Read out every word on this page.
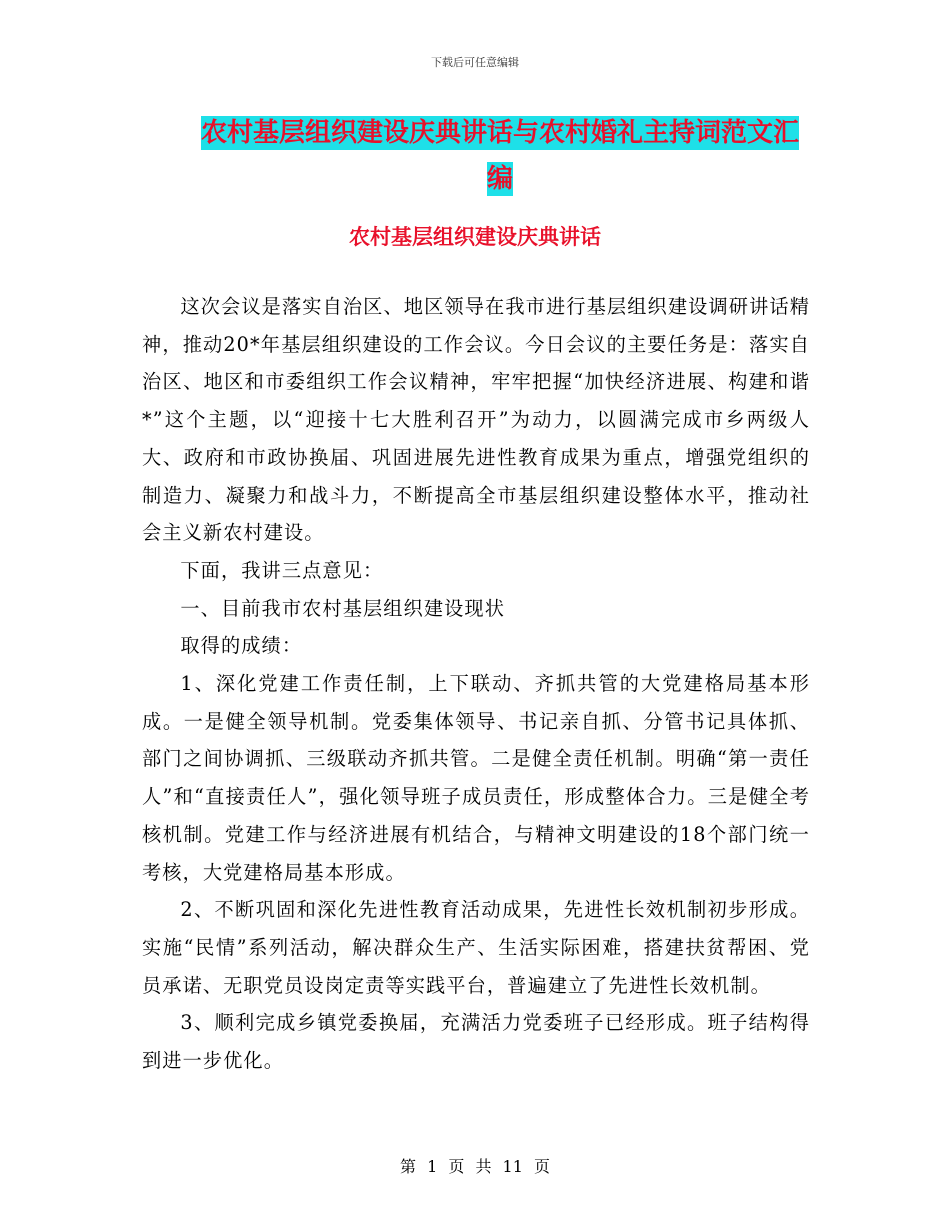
下载后可任意编辑
农村基层组织建设庆典讲话与农村婚礼主持词范文汇编
农村基层组织建设庆典讲话

这次会议是落实自治区、地区领导在我市进行基层组织建设调研讲话精神，推动20*年基层组织建设的工作会议。今日会议的主要任务是：落实自治区、地区和市委组织工作会议精神，牢牢把握“加快经济进展、构建和谐*”这个主题，以“迎接十七大胜利召开”为动力，以圆满完成市乡两级人大、政府和市政协换届、巩固进展先进性教育成果为重点，增强党组织的制造力、凝聚力和战斗力，不断提高全市基层组织建设整体水平，推动社会主义新农村建设。

下面，我讲三点意见：

一、目前我市农村基层组织建设现状

取得的成绩：

1、深化党建工作责任制，上下联动、齐抓共管的大党建格局基本形成。一是健全领导机制。党委集体领导、书记亲自抓、分管书记具体抓、部门之间协调抓、三级联动齐抓共管。二是健全责任机制。明确“第一责任人”和“直接责任人”，强化领导班子成员责任，形成整体合力。三是健全考核机制。党建工作与经济进展有机结合，与精神文明建设的18个部门统一考核，大党建格局基本形成。

2、不断巩固和深化先进性教育活动成果，先进性长效机制初步形成。实施“民情”系列活动，解决群众生产、生活实际困难，搭建扶贫帮困、党员承诺、无职党员设岗定责等实践平台，普遍建立了先进性长效机制。

3、顺利完成乡镇党委换届，充满活力党委班子已经形成。班子结构得到进一步优化。

第 1 页 共 11 页
